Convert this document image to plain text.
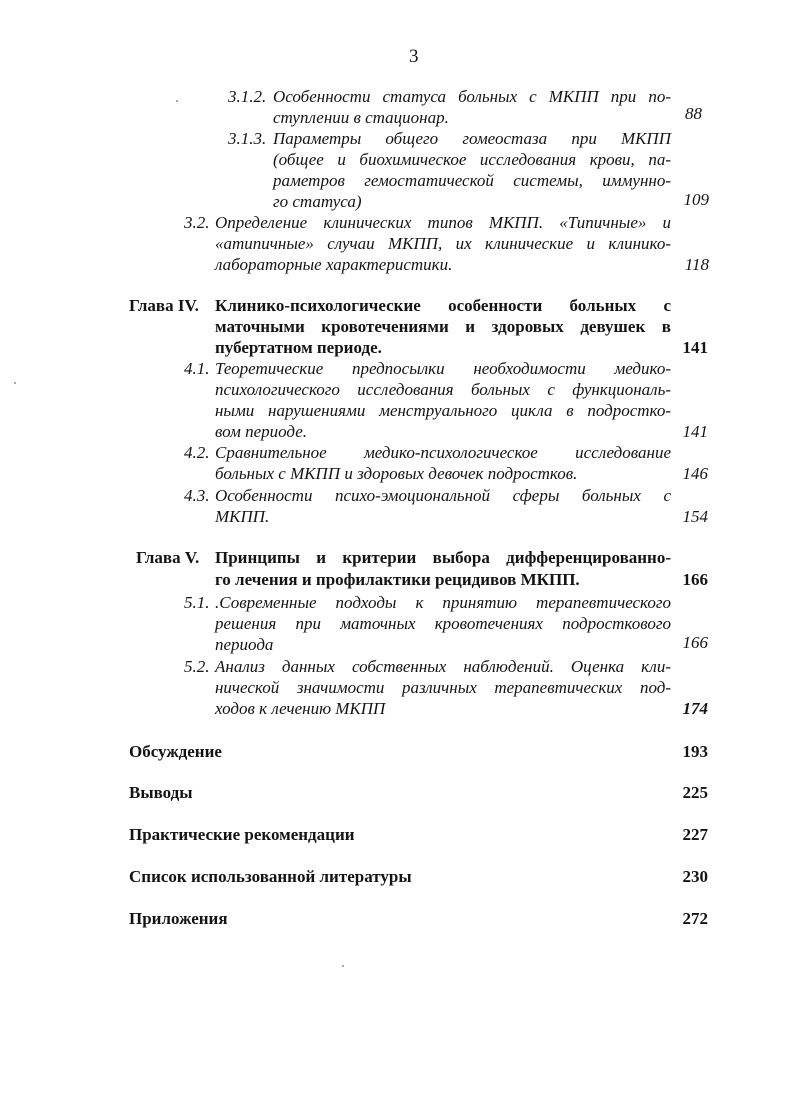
3
3.1.2. Особенности статуса больных с МКПП при по-
ступлении в стационар.	88
3.1.3. Параметры общего гомеостаза при МКПП
(общее и биохимическое исследования крови, па-
раметров гемостатической системы, иммунно-
го статуса)	109
3.2. Определение клинических типов МКПП. «Типичные» и
«атипичные» случаи МКПП, их клинические и клинико-
лабораторные характеристики.	118
Глава IV. Клинико-психологические особенности больных с
маточными кровотечениями и здоровых девушек в
пубертатном периоде.	141
4.1. Теоретические предпосылки необходимости медико-
психологического исследования больных с функциональ-
ными нарушениями менструального цикла в подростко-
вом периоде.	141
4.2. Сравнительное медико-психологическое исследование
больных с МКПП и здоровых девочек подростков.	146
4.3. Особенности психо-эмоциональной сферы больных с
МКПП.	154
Глава V. Принципы и критерии выбора дифференцированно-
го лечения и профилактики рецидивов МКПП.	166
5.1. .Современные подходы к принятию терапевтического
решения при маточных кровотечениях подросткового
периода	166
5.2. Анализ данных собственных наблюдений. Оценка кли-
нической значимости различных терапевтических под-
ходов к лечению МКПП	174
Обсуждение	193
Выводы	225
Практические рекомендации	227
Список использованной литературы	230
Приложения	272
